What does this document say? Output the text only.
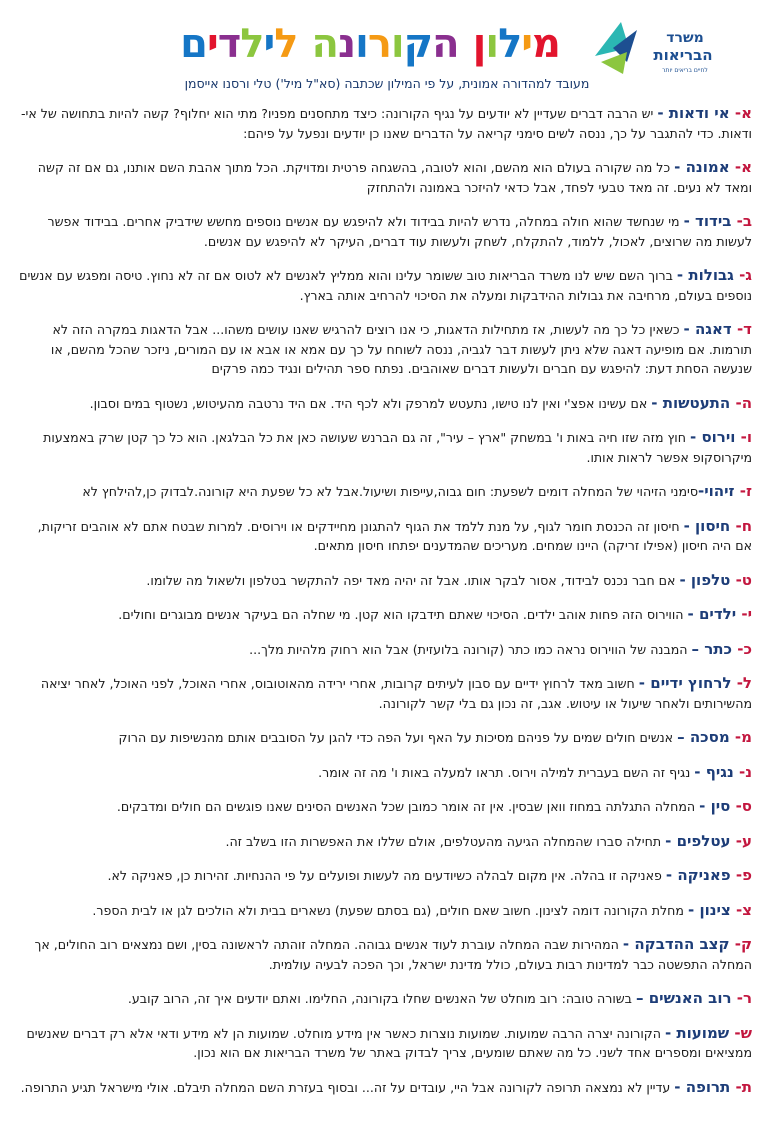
מילוןהקורונהלילדים	משרד
הבריאות
לחיים בריאים יותר
מעובד למהדורה אמונית, על פי המילון שכתבה (סא"ל מיל') טלי ורסנו אייסמן

א- אי ודאות - יש הרבה דברים שעדיין לא יודעים על נגיף הקורונה: כיצד מתחסנים מפניו? מתי הוא יחלוף? קשה להיות בתחושה של אי- ודאות. כדי להתגבר על כך, ננסה לשים סימני קריאה על הדברים שאנו כן יודעים ונפעל על פיהם:

א- אמונה - כל מה שקורה בעולם הוא מהשם, והוא לטובה, בהשגחה פרטית ומדויקת. הכל מתוך אהבת השם אותנו, גם אם זה קשה ומאד לא נעים. זה מאד טבעי לפחד, אבל כדאי להיזכר באמונה ולהתחזק

ב- בידוד - מי שנחשד שהוא חולה במחלה, נדרש להיות בבידוד ולא להיפגש עם אנשים נוספים מחשש שידביק אחרים. בבידוד אפשר לעשות מה שרוצים, לאכול, ללמוד, להתקלח, לשחק ולעשות עוד דברים, העיקר לא להיפגש עם אנשים.

ג- גבולות - ברוך השם שיש לנו משרד הבריאות טוב ששומר עלינו והוא ממליץ לאנשים לא לטוס אם זה לא נחוץ. טיסה ומפגש עם אנשים נוספים בעולם, מרחיבה את גבולות ההידבקות ומעלה את הסיכוי להרחיב אותה בארץ.

ד- דאגה - כשאין כל כך מה לעשות, אז מתחילות הדאגות, כי אנו רוצים להרגיש שאנו עושים משהו... אבל הדאגות במקרה הזה לא תורמות. אם מופיעה דאגה שלא ניתן לעשות דבר לגביה, ננסה לשוחח על כך עם אמא או אבא או עם המורים, ניזכר שהכל מהשם, או שנעשה הסחת דעת: להיפגש עם חברים ולעשות דברים שאוהבים. נפתח ספר תהילים ונגיד כמה פרקים

ה- התעטשות - אם עשינו אפצ'י ואין לנו טישו, נתעטש למרפק ולא לכף היד. אם היד נרטבה מהעיטוש, נשטוף במים וסבון.

ו- וירוס - חוץ מזה שזו חיה באות ו' במשחק "ארץ – עיר", זה גם הברנש שעושה כאן את כל הבלגאן. הוא כל כך קטן שרק באמצעות מיקרוסקופ אפשר לראות אותו.

ז- זיהוי-סימני הזיהוי של המחלה דומים לשפעת: חום גבוה,עייפות ושיעול.אבל לא כל שפעת היא קורונה.לבדוק כן,להילחץ לא

ח- חיסון - חיסון זה הכנסת חומר לגוף, על מנת ללמד את הגוף להתגונן מחיידקים או וירוסים. למרות שבטח אתם לא אוהבים זריקות, אם היה חיסון (אפילו זריקה) היינו שמחים. מעריכים שהמדענים יפתחו חיסון מתאים.

ט- טלפון - אם חבר נכנס לבידוד, אסור לבקר אותו. אבל זה יהיה מאד יפה להתקשר בטלפון ולשאול מה שלומו.

י- ילדים - הווירוס הזה פחות אוהב ילדים. הסיכוי שאתם תידבקו הוא קטן. מי שחלה הם בעיקר אנשים מבוגרים וחולים.

כ- כתר – המבנה של הווירוס נראה כמו כתר (קורונה בלועזית) אבל הוא רחוק מלהיות מלך...

ל- לרחוץ ידיים - חשוב מאד לרחוץ ידיים עם סבון לעיתים קרובות, אחרי ירידה מהאוטובוס, אחרי האוכל, לפני האוכל, לאחר יציאה מהשירותים ולאחר שיעול או עיטוש. אגב, זה נכון גם בלי קשר לקורונה.

מ- מסכה – אנשים חולים שמים על פניהם מסיכות על האף ועל הפה כדי להגן על הסובבים אותם מהנשיפות עם הרוק

נ- נגיף - נגיף זה השם בעברית למילה וירוס. תראו למעלה באות ו' מה זה אומר.

ס- סין - המחלה התגלתה במחוז וואן שבסין. אין זה אומר כמובן שכל האנשים הסינים שאנו פוגשים הם חולים ומדבקים.

ע- עטלפים - תחילה סברו שהמחלה הגיעה מהעטלפים, אולם שללו את האפשרות הזו בשלב זה.

פ- פאניקה - פאניקה זו בהלה. אין מקום לבהלה כשיודעים מה לעשות ופועלים על פי ההנחיות. זהירות כן, פאניקה לא.

צ- צינון - מחלת הקורונה דומה לצינון. חשוב שאם חולים, (גם בסתם שפעת) נשארים בבית ולא הולכים לגן או לבית הספר.

ק- קצב ההדבקה - המהירות שבה המחלה עוברת לעוד אנשים גבוהה. המחלה זוהתה לראשונה בסין, ושם נמצאים רוב החולים, אך המחלה התפשטה כבר למדינות רבות בעולם, כולל מדינת ישראל, וכך הפכה לבעיה עולמית.

ר- רוב האנשים – בשורה טובה: רוב מוחלט של האנשים שחלו בקורונה, החלימו. ואתם יודעים איך זה, הרוב קובע.

ש- שמועות - הקורונה יצרה הרבה שמועות. שמועות נוצרות כאשר אין מידע מוחלט. שמועות הן לא מידע ודאי אלא רק דברים שאנשים ממציאים ומספרים אחד לשני. כל מה שאתם שומעים, צריך לבדוק באתר של משרד הבריאות אם הוא נכון.

ת- תרופה - עדיין לא נמצאה תרופה לקורונה אבל היי, עובדים על זה... ובסוף בעזרת השם המחלה תיבלם. אולי מישראל תגיע התרופה.
